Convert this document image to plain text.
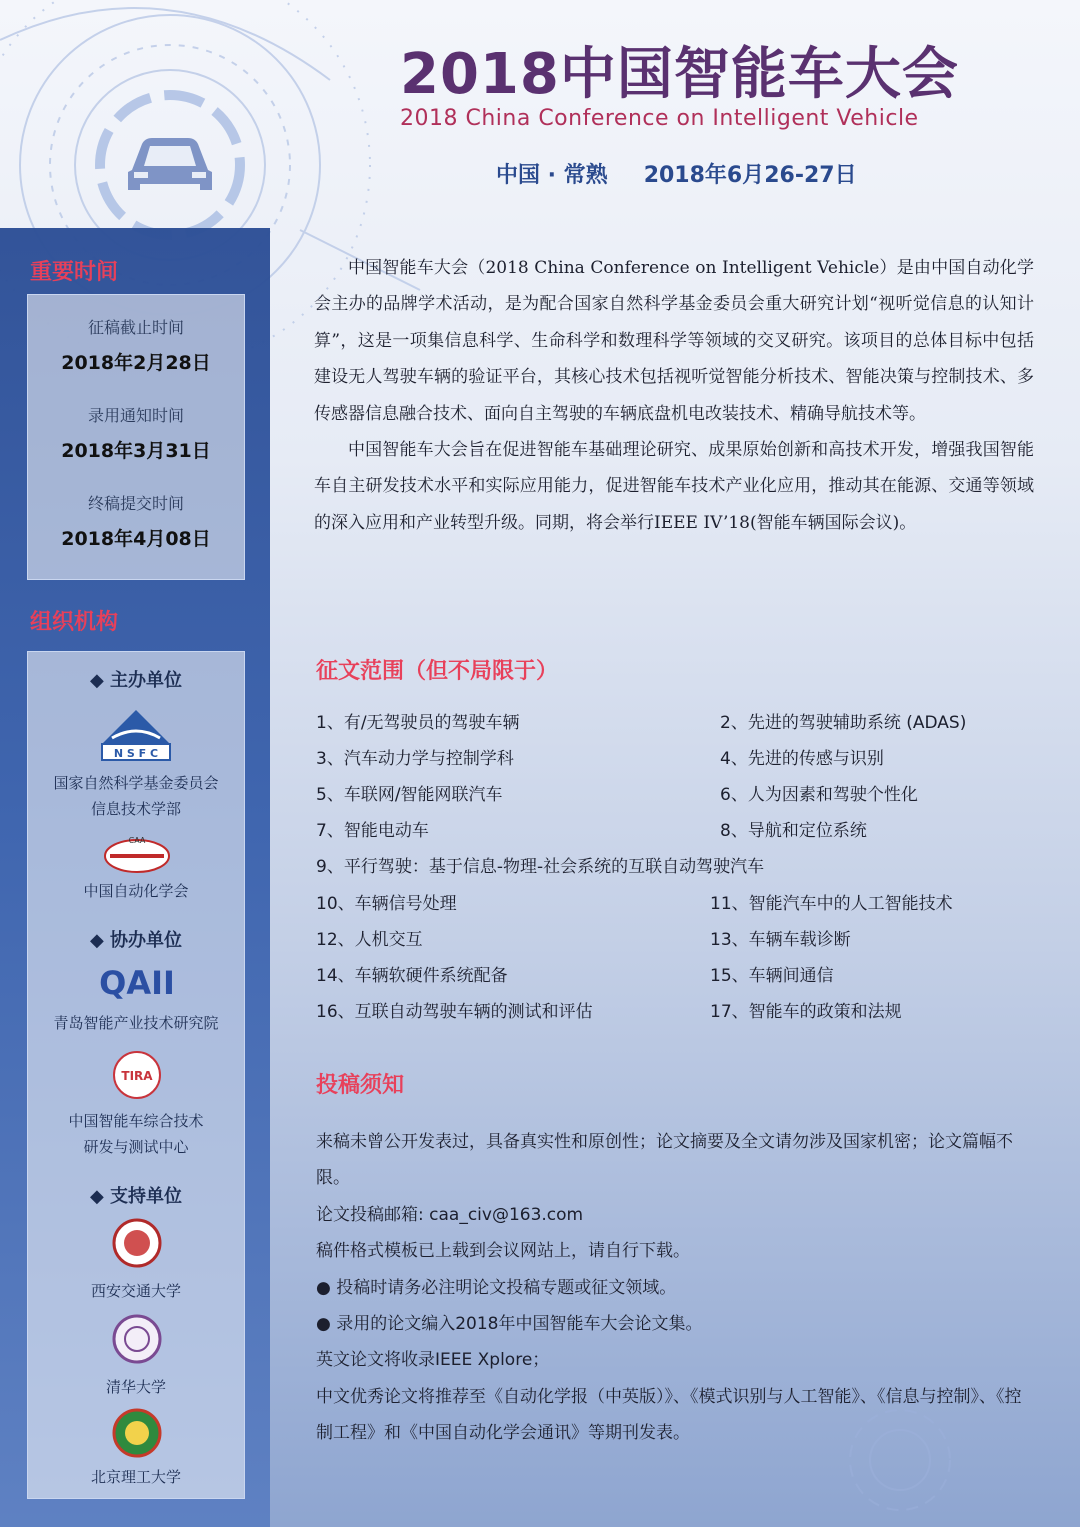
2018中国智能车大会
2018 China Conference on Intelligent Vehicle
中国 · 常熟 2018年6月26-27日
重要时间
征稿截止时间
2018年2月28日
录用通知时间
2018年3月31日
终稿提交时间
2018年4月08日
组织机构
◆ 主办单位
N S F C
国家自然科学基金委员会
信息技术学部
CAA
中国自动化学会
◆ 协办单位
QAII
青岛智能产业技术研究院
TIRA
中国智能车综合技术
研发与测试中心
◆ 支持单位
西安交通大学
清华大学
北京理工大学

中国智能车大会（2018 China Conference on Intelligent Vehicle）是由中国自动化学会主办的品牌学术活动，是为配合国家自然科学基金委员会重大研究计划“视听觉信息的认知计算”，这是一项集信息科学、生命科学和数理科学等领域的交叉研究。该项目的总体目标中包括建设无人驾驶车辆的验证平台，其核心技术包括视听觉智能分析技术、智能决策与控制技术、多传感器信息融合技术、面向自主驾驶的车辆底盘机电改装技术、精确导航技术等。

中国智能车大会旨在促进智能车基础理论研究、成果原始创新和高技术开发，增强我国智能车自主研发技术水平和实际应用能力，促进智能车技术产业化应用，推动其在能源、交通等领域的深入应用和产业转型升级。同期，将会举行IEEE IV’18(智能车辆国际会议)。

征文范围（但不局限于）
1、有/无驾驶员的驾驶车辆	2、先进的驾驶辅助系统 (ADAS)
3、汽车动力学与控制学科	4、先进的传感与识别
5、车联网/智能网联汽车	6、人为因素和驾驶个性化
7、智能电动车	8、导航和定位系统
9、平行驾驶：基于信息-物理-社会系统的互联自动驾驶汽车
10、车辆信号处理	11、智能汽车中的人工智能技术
12、人机交互	13、车辆车载诊断
14、车辆软硬件系统配备	15、车辆间通信
16、互联自动驾驶车辆的测试和评估	17、智能车的政策和法规
投稿须知

来稿未曾公开发表过，具备真实性和原创性；论文摘要及全文请勿涉及国家机密；论文篇幅不限。

论文投稿邮箱: caa_civ@163.com

稿件格式模板已上载到会议网站上，请自行下载。

● 投稿时请务必注明论文投稿专题或征文领域。

● 录用的论文编入2018年中国智能车大会论文集。

英文论文将收录IEEE Xplore；

中文优秀论文将推荐至《自动化学报（中英版）》、《模式识别与人工智能》、《信息与控制》、《控制工程》和《中国自动化学会通讯》等期刊发表。
